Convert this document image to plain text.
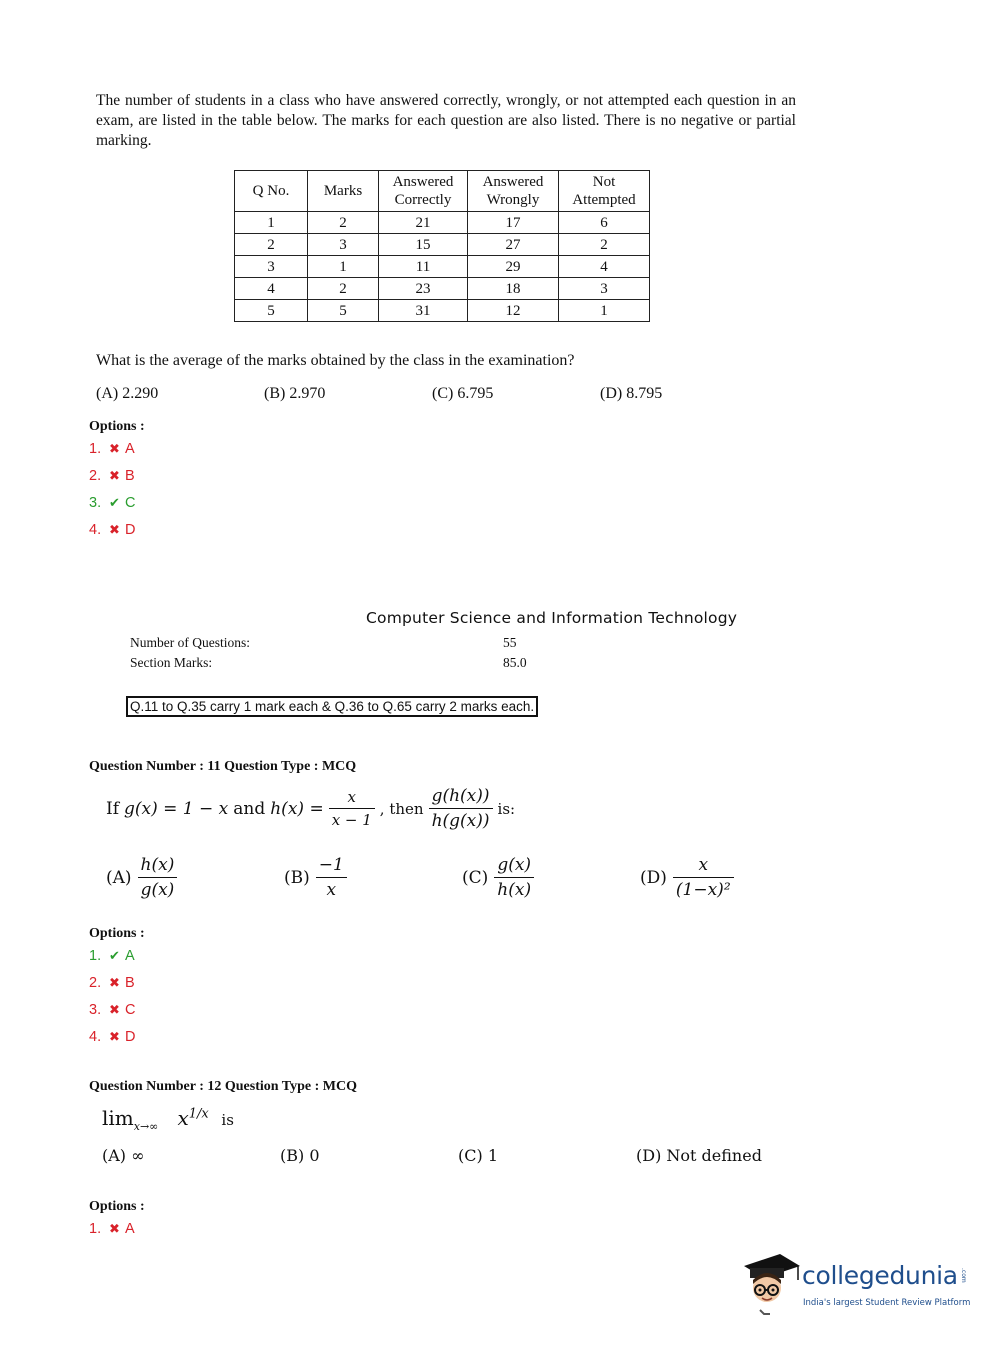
The number of students in a class who have answered correctly, wrongly, or not attempted each question in an exam, are listed in the table below. The marks for each question are also listed. There is no negative or partial marking.
Q No.	Marks	Answered Correctly	Answered Wrongly	Not Attempted
1	2	21	17	6
2	3	15	27	2
3	1	11	29	4
4	2	23	18	3
5	5	31	12	1
What is the average of the marks obtained by the class in the examination?
(A) 2.290	(B) 2.970	(C) 6.795	(D) 8.795
Options :
1. ✖ A
2. ✖ B
3. ✔ C
4. ✖ D
Computer Science and Information Technology
Number of Questions:	55
Section Marks:	85.0
Q.11 to Q.35 carry 1 mark each & Q.36 to Q.65 carry 2 marks each.
Question Number : 11 Question Type : MCQ
If g(x) = 1 − x and $h(x) = \frac{x}{x - 1}$ , then $\frac{g(h(x))}{h(g(x))}$ is:
$(A) \frac{h(x)}{g(x)}$	$(B) \frac{-1}{x}$	$(C) \frac{g(x)}{h(x)}$	$(D) \frac{x}{\text{(1−x)²}}$
Options :
1. ✔ A
2. ✖ B
3. ✖ C
4. ✖ D
Question Number : 12 Question Type : MCQ
$\lim_{x\to\infty} x^{1/x}$ is
(A) ∞	(B) 0	(C) 1	(D) Not defined
Options :
1. ✖ A
collegedunia .com
India's largest Student Review Platform
